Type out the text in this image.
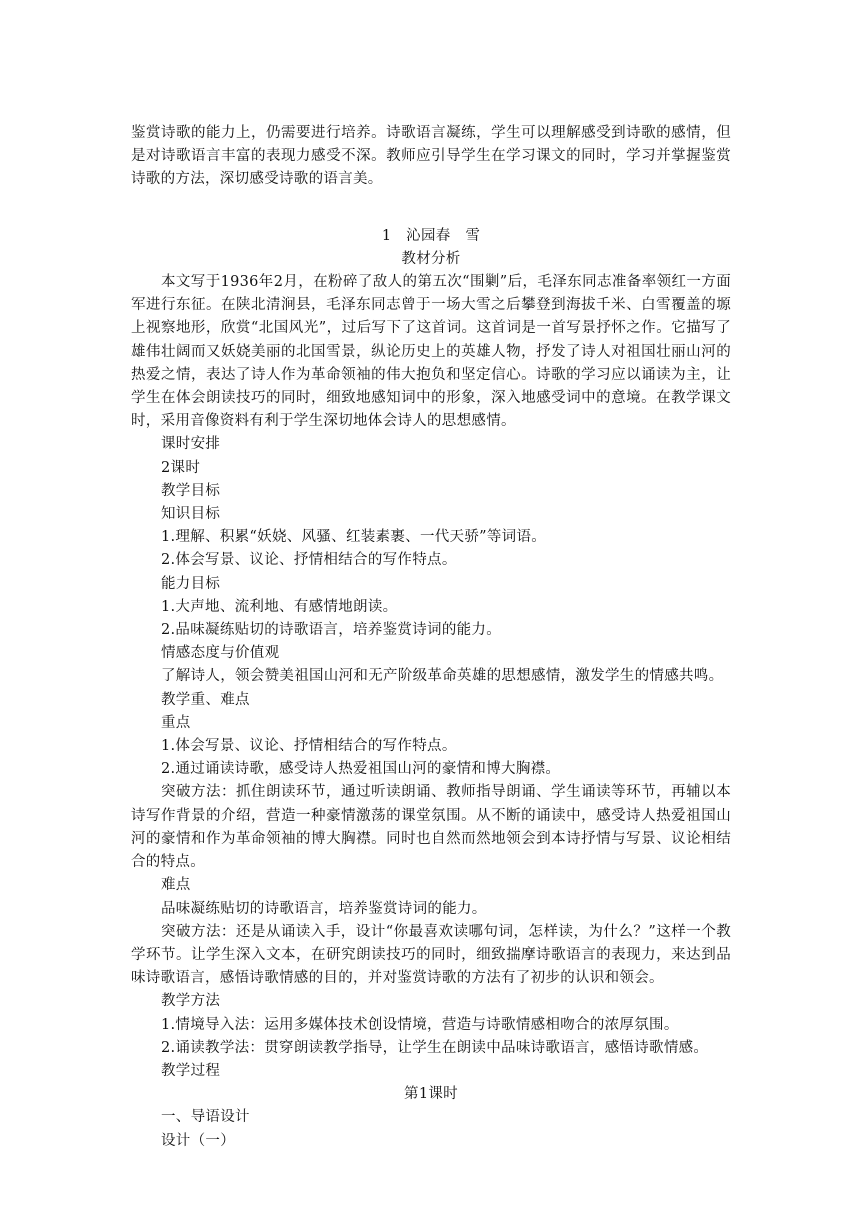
鉴赏诗歌的能力上，仍需要进行培养。诗歌语言凝练，学生可以理解感受到诗歌的感情，但是对诗歌语言丰富的表现力感受不深。教师应引导学生在学习课文的同时，学习并掌握鉴赏诗歌的方法，深切感受诗歌的语言美。

1　沁园春　雪

教材分析

本文写于1936年2月，在粉碎了敌人的第五次“围剿”后，毛泽东同志准备率领红一方面军进行东征。在陕北清涧县，毛泽东同志曾于一场大雪之后攀登到海拔千米、白雪覆盖的塬上视察地形，欣赏“北国风光”，过后写下了这首词。这首词是一首写景抒怀之作。它描写了雄伟壮阔而又妖娆美丽的北国雪景，纵论历史上的英雄人物，抒发了诗人对祖国壮丽山河的热爱之情，表达了诗人作为革命领袖的伟大抱负和坚定信心。诗歌的学习应以诵读为主，让学生在体会朗读技巧的同时，细致地感知词中的形象，深入地感受词中的意境。在教学课文时，采用音像资料有利于学生深切地体会诗人的思想感情。

课时安排

2课时

教学目标

知识目标

1.理解、积累“妖娆、风骚、红装素裹、一代天骄”等词语。

2.体会写景、议论、抒情相结合的写作特点。

能力目标

1.大声地、流利地、有感情地朗读。

2.品味凝练贴切的诗歌语言，培养鉴赏诗词的能力。

情感态度与价值观

了解诗人，领会赞美祖国山河和无产阶级革命英雄的思想感情，激发学生的情感共鸣。

教学重、难点

重点

1.体会写景、议论、抒情相结合的写作特点。

2.通过诵读诗歌，感受诗人热爱祖国山河的豪情和博大胸襟。

突破方法：抓住朗读环节，通过听读朗诵、教师指导朗诵、学生诵读等环节，再辅以本诗写作背景的介绍，营造一种豪情激荡的课堂氛围。从不断的诵读中，感受诗人热爱祖国山河的豪情和作为革命领袖的博大胸襟。同时也自然而然地领会到本诗抒情与写景、议论相结合的特点。

难点

品味凝练贴切的诗歌语言，培养鉴赏诗词的能力。

突破方法：还是从诵读入手，设计“你最喜欢读哪句词，怎样读，为什么？”这样一个教学环节。让学生深入文本，在研究朗读技巧的同时，细致揣摩诗歌语言的表现力，来达到品味诗歌语言，感悟诗歌情感的目的，并对鉴赏诗歌的方法有了初步的认识和领会。

教学方法

1.情境导入法：运用多媒体技术创设情境，营造与诗歌情感相吻合的浓厚氛围。

2.诵读教学法：贯穿朗读教学指导，让学生在朗读中品味诗歌语言，感悟诗歌情感。

教学过程

第1课时

一、导语设计

设计（一）
